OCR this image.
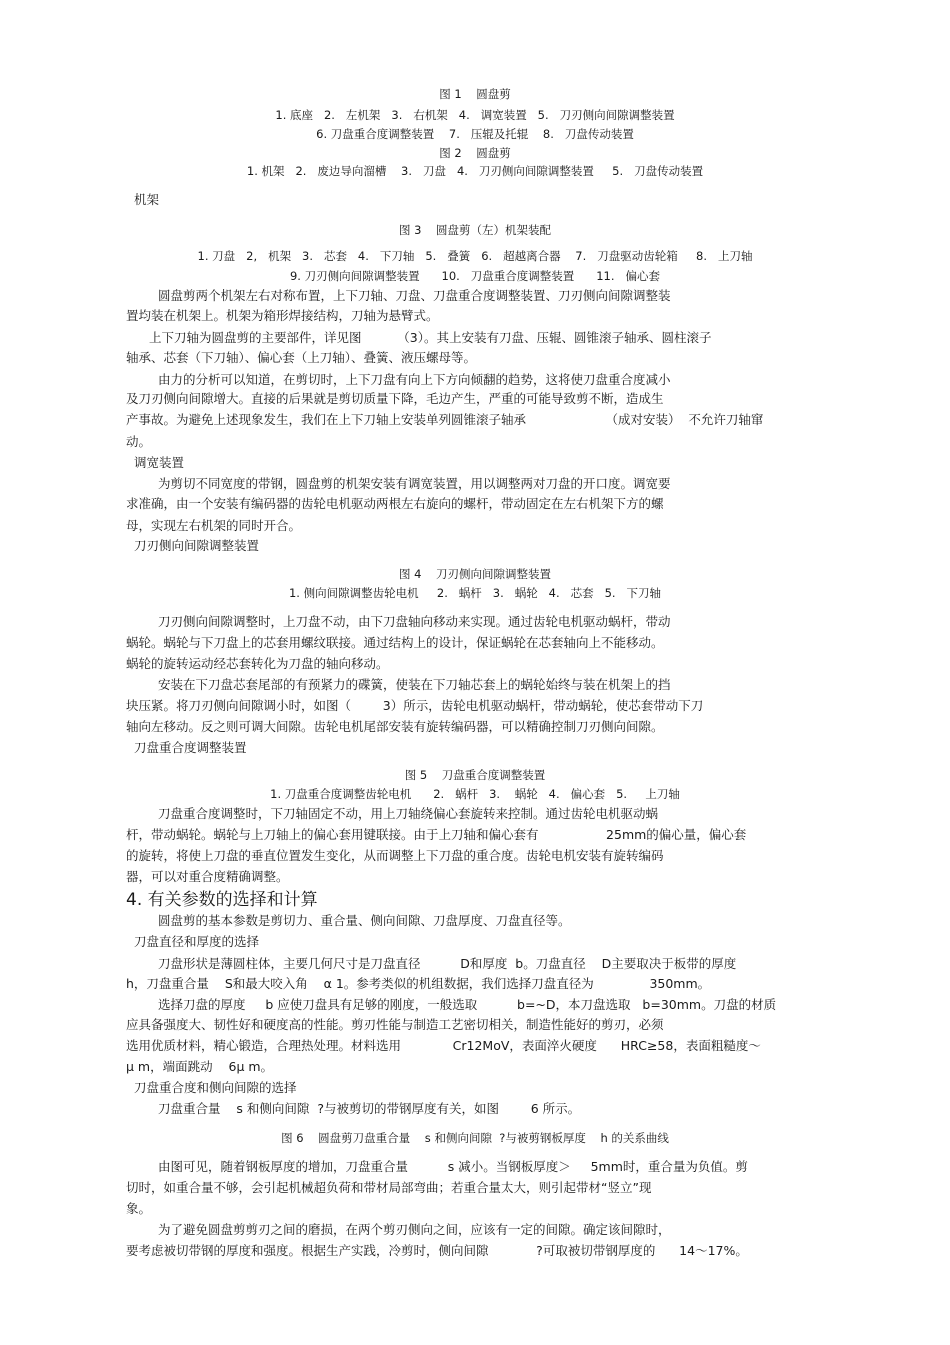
图 1    圆盘剪
1. 底座   2.   左机架   3.   右机架   4.   调宽装置   5.   刀刃侧向间隙调整装置
6. 刀盘重合度调整装置    7.   压辊及托辊    8.   刀盘传动装置
图 2    圆盘剪
1. 机架   2.   废边导向溜槽    3.   刀盘   4.   刀刃侧向间隙调整装置     5.   刀盘传动装置
机架
图 3    圆盘剪（左）机架装配
1. 刀盘   2,   机架   3.   芯套   4.   下刀轴   5.   叠簧   6.   超越离合器    7.   刀盘驱动齿轮箱     8.   上刀轴
9. 刀刃侧向间隙调整装置      10.   刀盘重合度调整装置      11.   偏心套
圆盘剪两个机架左右对称布置，上下刀轴、刀盘、刀盘重合度调整装置、刀刃侧向间隙调整装
置均装在机架上。机架为箱形焊接结构，刀轴为悬臂式。
上下刀轴为圆盘剪的主要部件，详见图         （3）。其上安装有刀盘、压辊、圆锥滚子轴承、圆柱滚子
轴承、芯套（下刀轴）、偏心套（上刀轴）、叠簧、液压螺母等。
由力的分析可以知道，在剪切时，上下刀盘有向上下方向倾翻的趋势，这将使刀盘重合度减小
及刀刃侧向间隙增大。直接的后果就是剪切质量下降，毛边产生，严重的可能导致剪不断，造成生
产事故。为避免上述现象发生，我们在上下刀轴上安装单列圆锥滚子轴承                    （成对安装）  不允许刀轴窜
动。
调宽装置
为剪切不同宽度的带钢，圆盘剪的机架安装有调宽装置，用以调整两对刀盘的开口度。调宽要
求准确，由一个安装有编码器的齿轮电机驱动两根左右旋向的螺杆，带动固定在左右机架下方的螺
母，实现左右机架的同时开合。
刀刃侧向间隙调整装置
图 4    刀刃侧向间隙调整装置
1. 侧向间隙调整齿轮电机     2.   蜗杆   3.   蜗轮   4.   芯套   5.   下刀轴
刀刃侧向间隙调整时，上刀盘不动，由下刀盘轴向移动来实现。通过齿轮电机驱动蜗杆，带动
蜗轮。蜗轮与下刀盘上的芯套用螺纹联接。通过结构上的设计，保证蜗轮在芯套轴向上不能移动。
蜗轮的旋转运动经芯套转化为刀盘的轴向移动。
安装在下刀盘芯套尾部的有预紧力的碟簧，使装在下刀轴芯套上的蜗轮始终与装在机架上的挡
块压紧。将刀刃侧向间隙调小时，如图（        3）所示，齿轮电机驱动蜗杆，带动蜗轮，使芯套带动下刀
轴向左移动。反之则可调大间隙。齿轮电机尾部安装有旋转编码器，可以精确控制刀刃侧向间隙。
刀盘重合度调整装置
图 5    刀盘重合度调整装置
1. 刀盘重合度调整齿轮电机      2.   蜗杆   3.    蜗轮   4.   偏心套   5.     上刀轴
刀盘重合度调整时，下刀轴固定不动，用上刀轴绕偏心套旋转来控制。通过齿轮电机驱动蜗
杆，带动蜗轮。蜗轮与上刀轴上的偏心套用键联接。由于上刀轴和偏心套有                 25mm的偏心量，偏心套
的旋转，将使上刀盘的垂直位置发生变化，从而调整上下刀盘的重合度。齿轮电机安装有旋转编码
器，可以对重合度精确调整。
4. 有关参数的选择和计算
圆盘剪的基本参数是剪切力、重合量、侧向间隙、刀盘厚度、刀盘直径等。
刀盘直径和厚度的选择
刀盘形状是薄圆柱体，主要几何尺寸是刀盘直径          D和厚度  b。刀盘直径    D主要取决于板带的厚度
h，刀盘重合量    S和最大咬入角    α 1。参考类似的机组数据，我们选择刀盘直径为              350mm。
选择刀盘的厚度     b 应使刀盘具有足够的刚度，一般选取          b=~D，本刀盘选取   b=30mm。刀盘的材质
应具备强度大、韧性好和硬度高的性能。剪刃性能与制造工艺密切相关，制造性能好的剪刃，必须
选用优质材料，精心锻造，合理热处理。材料选用             Cr12MoV，表面淬火硬度      HRC≥58，表面粗糙度～
μ m，端面跳动    6μ m。
刀盘重合度和侧向间隙的选择
刀盘重合量    s 和侧向间隙  ?与被剪切的带钢厚度有关，如图        6 所示。
图 6    圆盘剪刀盘重合量    s 和侧向间隙  ?与被剪钢板厚度    h 的关系曲线
由图可见，随着钢板厚度的增加，刀盘重合量          s 减小。当钢板厚度＞     5mm时，重合量为负值。剪
切时，如重合量不够，会引起机械超负荷和带材局部弯曲；若重合量太大，则引起带材“竖立”现
象。
为了避免圆盘剪剪刃之间的磨损，在两个剪刃侧向之间，应该有一定的间隙。确定该间隙时，
要考虑被切带钢的厚度和强度。根据生产实践，冷剪时，侧向间隙            ?可取被切带钢厚度的      14～17%。
